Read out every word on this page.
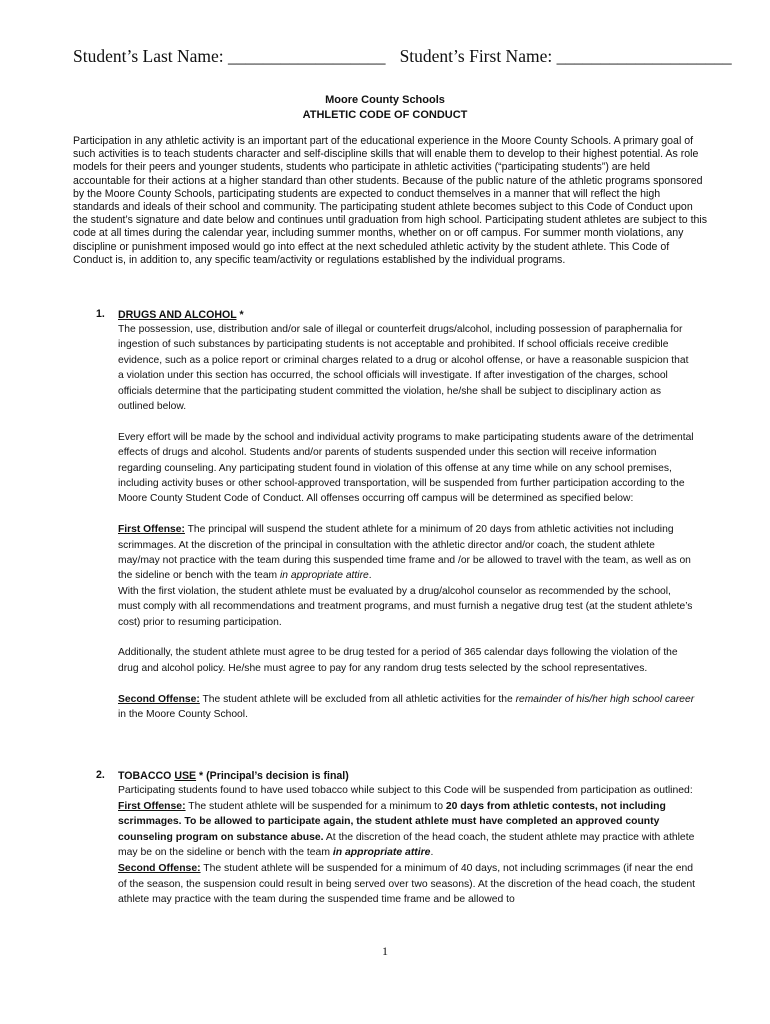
Student’s Last Name: __________________ Student’s First Name: ____________________
Moore County Schools
ATHLETIC CODE OF CONDUCT

Participation in any athletic activity is an important part of the educational experience in the Moore County Schools. A primary goal of such activities is to teach students character and self-discipline skills that will enable them to develop to their highest potential. As role models for their peers and younger students, students who participate in athletic activities (“participating students”) are held accountable for their actions at a higher standard than other students. Because of the public nature of the athletic programs sponsored by the Moore County Schools, participating students are expected to conduct themselves in a manner that will reflect the high standards and ideals of their school and community. The participating student athlete becomes subject to this Code of Conduct upon the student’s signature and date below and continues until graduation from high school. Participating student athletes are subject to this code at all times during the calendar year, including summer months, whether on or off campus. For summer month violations, any discipline or punishment imposed would go into effect at the next scheduled athletic activity by the student athlete. This Code of Conduct is, in addition to, any specific team/activity or regulations established by the individual programs.

1. DRUGS AND ALCOHOL *

The possession, use, distribution and/or sale of illegal or counterfeit drugs/alcohol, including possession of paraphernalia for ingestion of such substances by participating students is not acceptable and prohibited. If school officials receive credible evidence, such as a police report or criminal charges related to a drug or alcohol offense, or have a reasonable suspicion that a violation under this section has occurred, the school officials will investigate. If after investigation of the charges, school officials determine that the participating student committed the violation, he/she shall be subject to disciplinary action as outlined below.

Every effort will be made by the school and individual activity programs to make participating students aware of the detrimental effects of drugs and alcohol. Students and/or parents of students suspended under this section will receive information regarding counseling. Any participating student found in violation of this offense at any time while on any school premises, including activity buses or other school-approved transportation, will be suspended from further participation according to the Moore County Student Code of Conduct. All offenses occurring off campus will be determined as specified below:

First Offense: The principal will suspend the student athlete for a minimum of 20 days from athletic activities not including scrimmages. At the discretion of the principal in consultation with the athletic director and/or coach, the student athlete may/may not practice with the team during this suspended time frame and /or be allowed to travel with the team, as well as on the sideline or bench with the team in appropriate attire.

With the first violation, the student athlete must be evaluated by a drug/alcohol counselor as recommended by the school, must comply with all recommendations and treatment programs, and must furnish a negative drug test (at the student athlete’s cost) prior to resuming participation.

Additionally, the student athlete must agree to be drug tested for a period of 365 calendar days following the violation of the drug and alcohol policy. He/she must agree to pay for any random drug tests selected by the school representatives.

Second Offense: The student athlete will be excluded from all athletic activities for the remainder of his/her high school career in the Moore County School.

2. TOBACCO USE * (Principal’s decision is final)

Participating students found to have used tobacco while subject to this Code will be suspended from participation as outlined:

First Offense: The student athlete will be suspended for a minimum to 20 days from athletic contests, not including scrimmages. To be allowed to participate again, the student athlete must have completed an approved county counseling program on substance abuse. At the discretion of the head coach, the student athlete may practice with athlete may be on the sideline or bench with the team in appropriate attire.

Second Offense: The student athlete will be suspended for a minimum of 40 days, not including scrimmages (if near the end of the season, the suspension could result in being served over two seasons). At the discretion of the head coach, the student athlete may practice with the team during the suspended time frame and be allowed to

1
